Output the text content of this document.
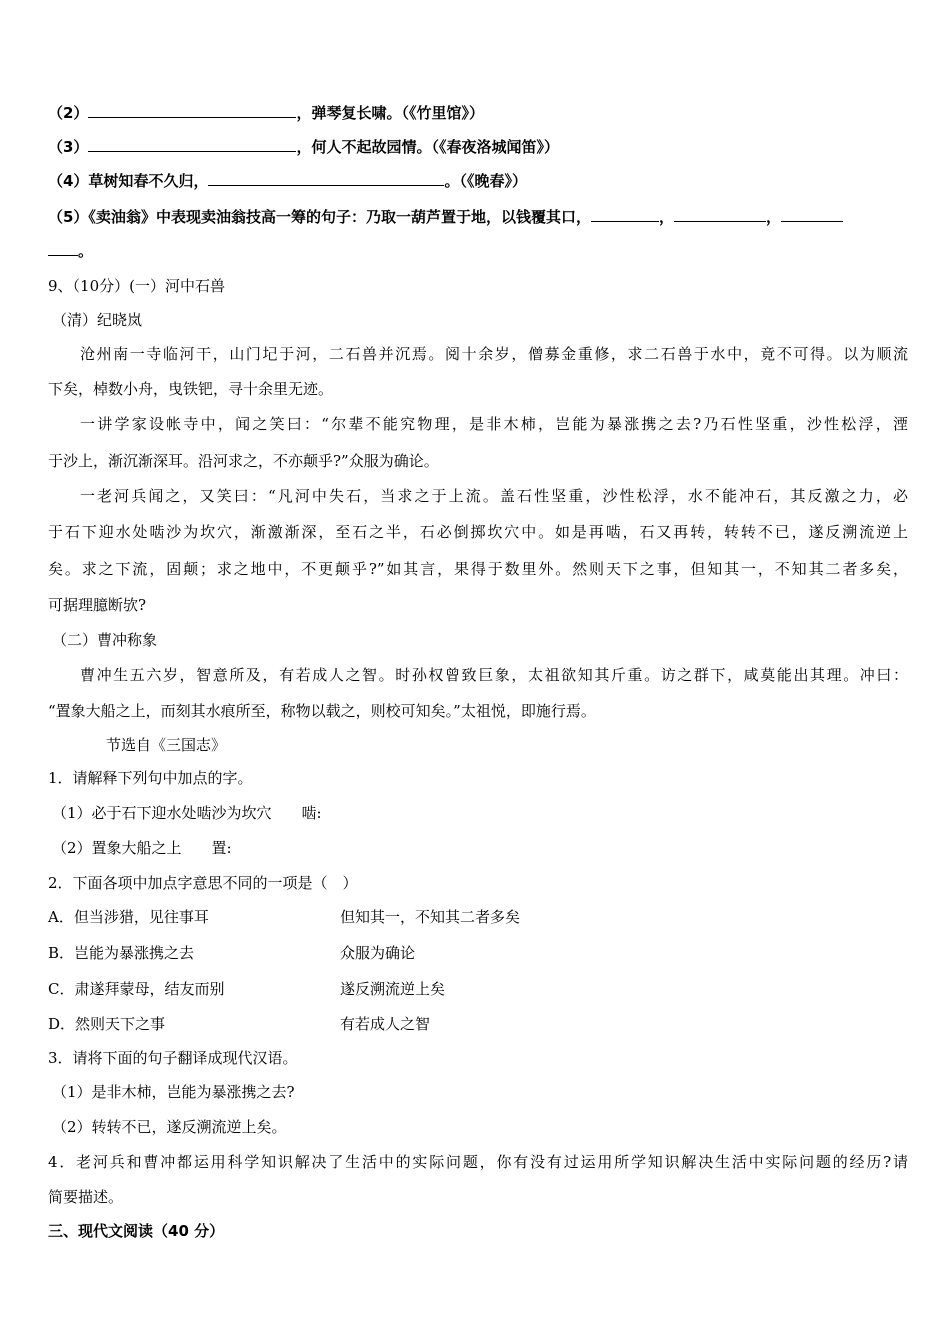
（2）	，弹琴复长啸。（《竹里馆》）
（3）	，何人不起故园情。（《春夜洛城闻笛》）
（4）草树知春不久归，	。（《晚春》）
（5）《卖油翁》中表现卖油翁技高一筹的句子：乃取一葫芦置于地，以钱覆其口，	，	，
。
9、（10分）(一）河中石兽
（清）纪晓岚
沧州南一寺临河干，山门圮于河，二石兽并沉焉。阅十余岁，僧募金重修，求二石兽于水中，竟不可得。以为顺流
下矣，棹数小舟，曳铁钯，寻十余里无迹。
一讲学家设帐寺中，闻之笑曰：“尔辈不能究物理，是非木柿，岂能为暴涨携之去?乃石性坚重，沙性松浮，湮
于沙上，渐沉渐深耳。沿河求之，不亦颠乎?”众服为确论。
一老河兵闻之，又笑曰：“凡河中失石，当求之于上流。盖石性坚重，沙性松浮，水不能冲石，其反激之力，必
于石下迎水处啮沙为坎穴，渐激渐深，至石之半，石必倒掷坎穴中。如是再啮，石又再转，转转不已，遂反溯流逆上
矣。求之下流，固颠；求之地中，不更颠乎?”如其言，果得于数里外。然则天下之事，但知其一，不知其二者多矣，
可据理臆断欤?
（二）曹冲称象
曹冲生五六岁，智意所及，有若成人之智。时孙权曾致巨象，太祖欲知其斤重。访之群下，咸莫能出其理。冲曰：
“置象大船之上，而刻其水痕所至，称物以载之，则校可知矣。”太祖悦，即施行焉。
节选自《三国志》
1．请解释下列句中加点的字。
（1）必于石下迎水处啮沙为坎穴　　啮:
（2）置象大船之上　　置:
2．下面各项中加点字意思不同的一项是（　）
A．但当涉猎，见往事耳	但知其一，不知其二者多矣
B．岂能为暴涨携之去	众服为确论
C．肃遂拜蒙母，结友而别	遂反溯流逆上矣
D．然则天下之事	有若成人之智
3．请将下面的句子翻译成现代汉语。
（1）是非木柿，岂能为暴涨携之去?
（2）转转不已，遂反溯流逆上矣。
4．老河兵和曹冲都运用科学知识解决了生活中的实际问题，你有没有过运用所学知识解决生活中实际问题的经历?请
简要描述。
三、现代文阅读（40 分）
